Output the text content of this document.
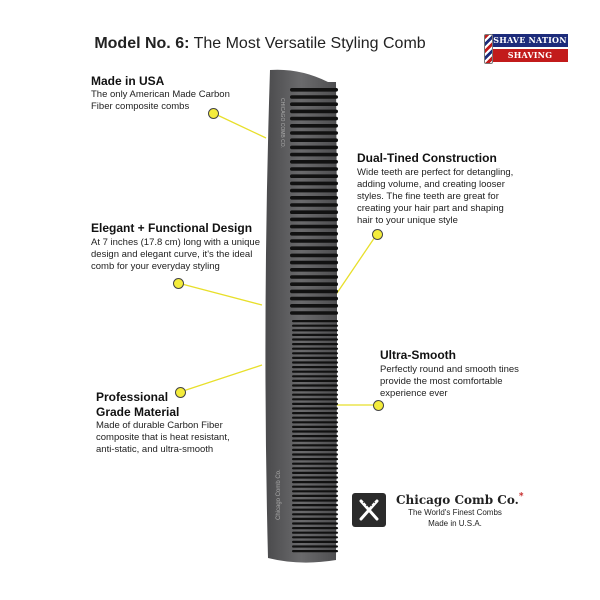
Model No. 6: The Most Versatile Styling Comb	SHAVE NATION
SHAVING SUPPLIES
CHICAGO COMB CO.
Chicago Comb Co.
Made in USA
The only American Made Carbon
Fiber composite combs
Dual-Tined Construction
Wide teeth are perfect for detangling,
adding volume, and creating looser
styles. The fine teeth are great for
creating your hair part and shaping
hair to your unique style
Elegant + Functional Design
At 7 inches (17.8 cm) long with a unique
design and elegant curve, it's the ideal
comb for your everyday styling
Ultra-Smooth
Perfectly round and smooth tines
provide the most comfortable
experience ever
Professional
Grade Material
Made of durable Carbon Fiber
composite that is heat resistant,
anti-static, and ultra-smooth
Chicago Comb Co.*
The World's Finest Combs
Made in U.S.A.
